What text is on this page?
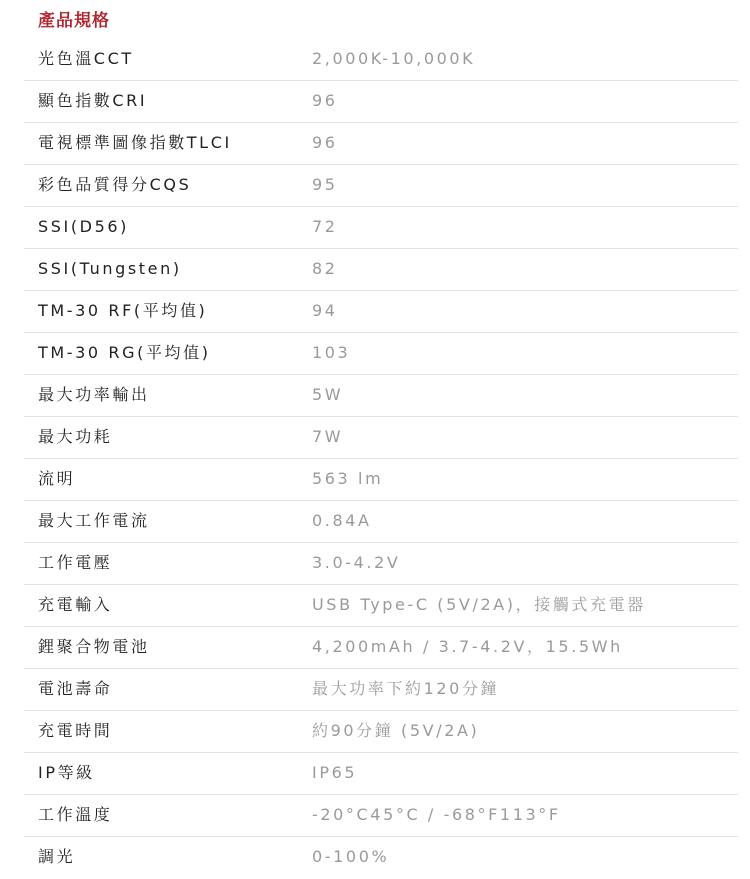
產品規格
光色溫CCT	2,000K-10,000K
顯色指數CRI	96
電視標準圖像指數TLCI	96
彩色品質得分CQS	95
SSI(D56)	72
SSI(Tungsten)	82
TM-30 RF(平均值)	94
TM-30 RG(平均值)	103
最大功率輸出	5W
最大功耗	7W
流明	563 lm
最大工作電流	0.84A
工作電壓	3.0-4.2V
充電輸入	USB Type-C (5V/2A)，接觸式充電器
鋰聚合物電池	4,200mAh / 3.7-4.2V，15.5Wh
電池壽命	最大功率下約120分鐘
充電時間	約90分鐘 (5V/2A)
IP等級	IP65
工作溫度	-20°C45°C / -68°F113°F
調光	0-100%
